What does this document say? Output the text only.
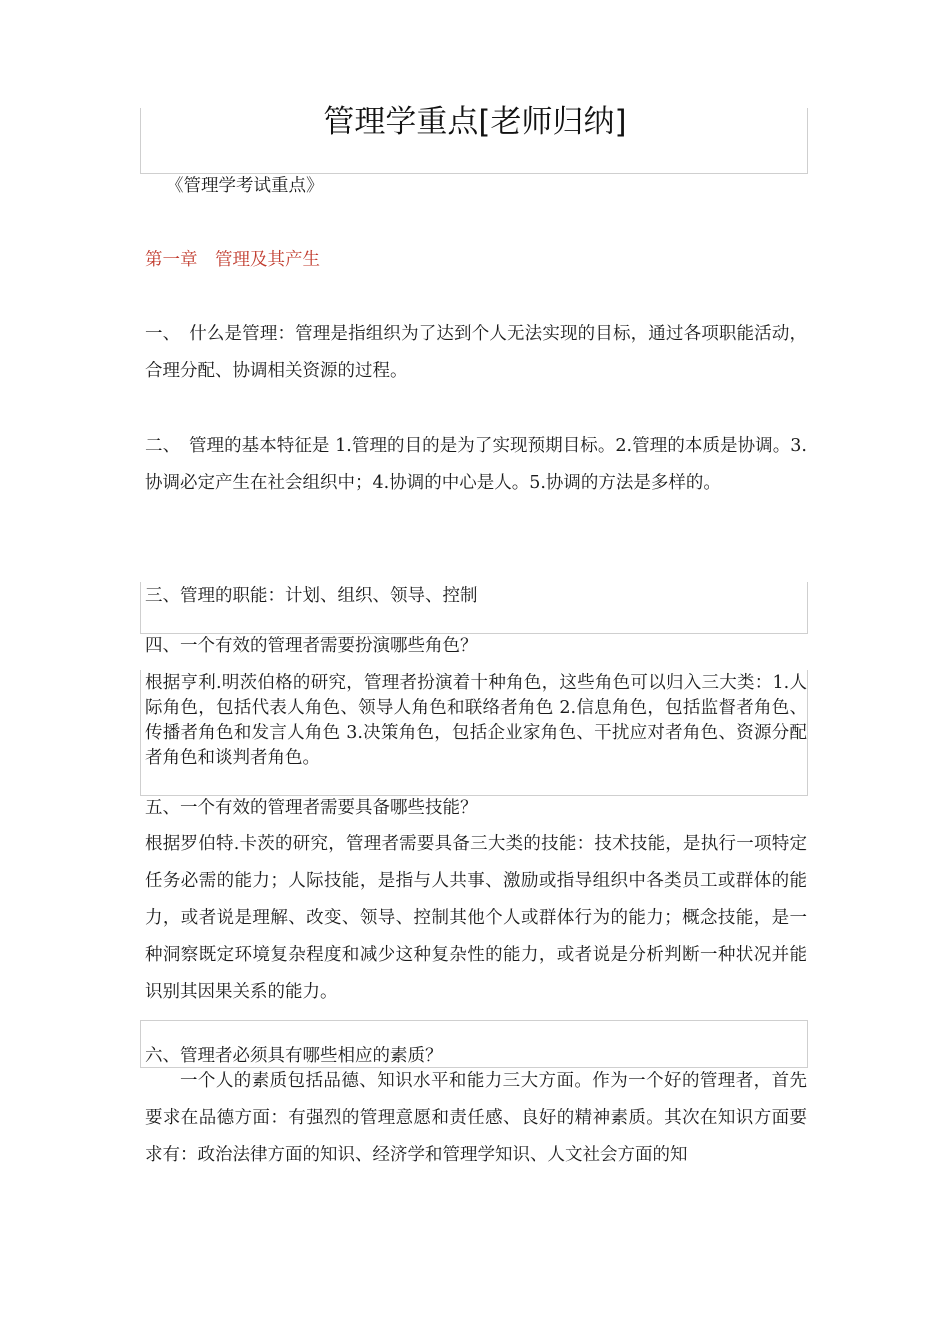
管理学重点[老师归纳]

《管理学考试重点》

第一章　管理及其产生

一、　什么是管理：管理是指组织为了达到个人无法实现的目标，通过各项职能活动，合理分配、协调相关资源的过程。

二、　管理的基本特征是 1.管理的目的是为了实现预期目标。2.管理的本质是协调。3.协调必定产生在社会组织中；4.协调的中心是人。5.协调的方法是多样的。

三、管理的职能：计划、组织、领导、控制

四、一个有效的管理者需要扮演哪些角色？

根据亨利.明茨伯格的研究，管理者扮演着十种角色，这些角色可以归入三大类：1.人际角色，包括代表人角色、领导人角色和联络者角色 2.信息角色，包括监督者角色、传播者角色和发言人角色 3.决策角色，包括企业家角色、干扰应对者角色、资源分配者角色和谈判者角色。

五、一个有效的管理者需要具备哪些技能？

根据罗伯特.卡茨的研究，管理者需要具备三大类的技能：技术技能，是执行一项特定任务必需的能力；人际技能，是指与人共事、激励或指导组织中各类员工或群体的能力，或者说是理解、改变、领导、控制其他个人或群体行为的能力；概念技能，是一种洞察既定环境复杂程度和减少这种复杂性的能力，或者说是分析判断一种状况并能识别其因果关系的能力。

六、管理者必须具有哪些相应的素质？

一个人的素质包括品德、知识水平和能力三大方面。作为一个好的管理者，首先要求在品德方面：有强烈的管理意愿和责任感、良好的精神素质。其次在知识方面要求有：政治法律方面的知识、经济学和管理学知识、人文社会方面的知
